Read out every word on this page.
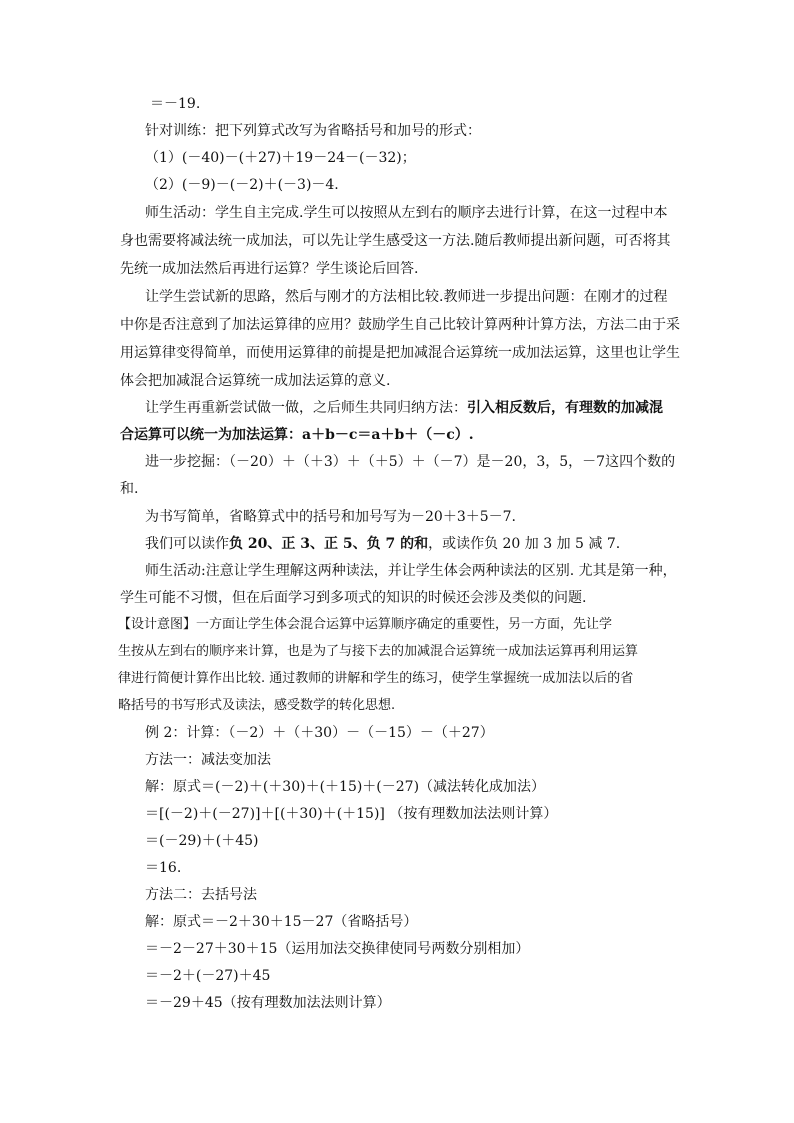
＝－19.
针对训练：把下列算式改写为省略括号和加号的形式：
（1）(－40)－(＋27)＋19－24－(－32)；
（2）(－9)－(－2)＋(－3)－4.
师生活动：学生自主完成.学生可以按照从左到右的顺序去进行计算，在这一过程中本
身也需要将减法统一成加法，可以先让学生感受这一方法.随后教师提出新问题，可否将其
先统一成加法然后再进行运算？学生谈论后回答.
让学生尝试新的思路，然后与刚才的方法相比较.教师进一步提出问题：在刚才的过程
中你是否注意到了加法运算律的应用？鼓励学生自己比较计算两种计算方法，方法二由于采
用运算律变得简单，而使用运算律的前提是把加减混合运算统一成加法运算，这里也让学生
体会把加减混合运算统一成加法运算的意义.
让学生再重新尝试做一做，之后师生共同归纳方法：引入相反数后，有理数的加减混
合运算可以统一为加法运算：a＋b－c＝a＋b＋（－c）.
进一步挖掘：（－20）＋（＋3）＋（＋5）＋（－7）是－20，3，5，－7这四个数的
和.
为书写简单，省略算式中的括号和加号写为－20＋3＋5－7.
我们可以读作负 20、正 3、正 5、负 7 的和，或读作负 20 加 3 加 5 减 7.
师生活动:注意让学生理解这两种读法，并让学生体会两种读法的区别. 尤其是第一种，
学生可能不习惯，但在后面学习到多项式的知识的时候还会涉及类似的问题.
【设计意图】一方面让学生体会混合运算中运算顺序确定的重要性，另一方面，先让学
生按从左到右的顺序来计算，也是为了与接下去的加减混合运算统一成加法运算再利用运算
律进行简便计算作出比较. 通过教师的讲解和学生的练习，使学生掌握统一成加法以后的省
略括号的书写形式及读法，感受数学的转化思想.
例 2：计算：（－2）＋（＋30）－（－15）－（＋27）
方法一：减法变加法
解：原式＝(－2)＋(＋30)＋(＋15)＋(－27)（减法转化成加法）
＝[(－2)＋(－27)]＋[(＋30)＋(＋15)] （按有理数加法法则计算）
＝(－29)＋(＋45)
＝16.
方法二：去括号法
解：原式＝－2＋30＋15－27（省略括号）
＝－2－27＋30＋15（运用加法交换律使同号两数分别相加）
＝－2＋(－27)＋45
＝－29＋45（按有理数加法法则计算）
